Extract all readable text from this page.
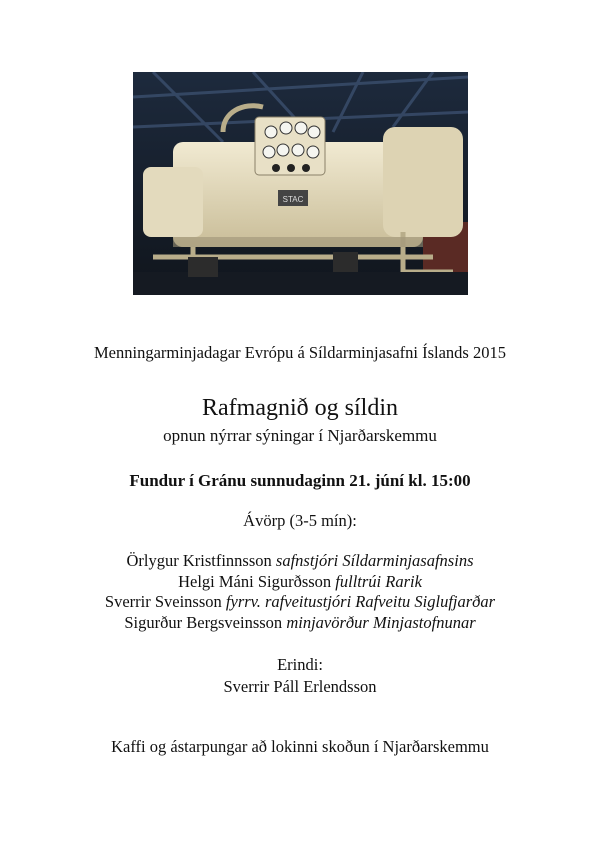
STAC
Menningarminjadagar Evrópu á Síldarminjasafni Íslands 2015
Rafmagnið og síldin
opnun nýrrar sýningar í Njarðarskemmu
Fundur í Gránu sunnudaginn 21. júní kl. 15:00
Ávörp (3-5 mín):
Örlygur Kristfinnsson safnstjóri Síldarminjasafnsins
Helgi Máni Sigurðsson fulltrúi Rarik
Sverrir Sveinsson fyrrv. rafveitustjóri Rafveitu Siglufjarðar
Sigurður Bergsveinsson minjavörður Minjastofnunar
Erindi:
Sverrir Páll Erlendsson
Kaffi og ástarpungar að lokinni skoðun í Njarðarskemmu
